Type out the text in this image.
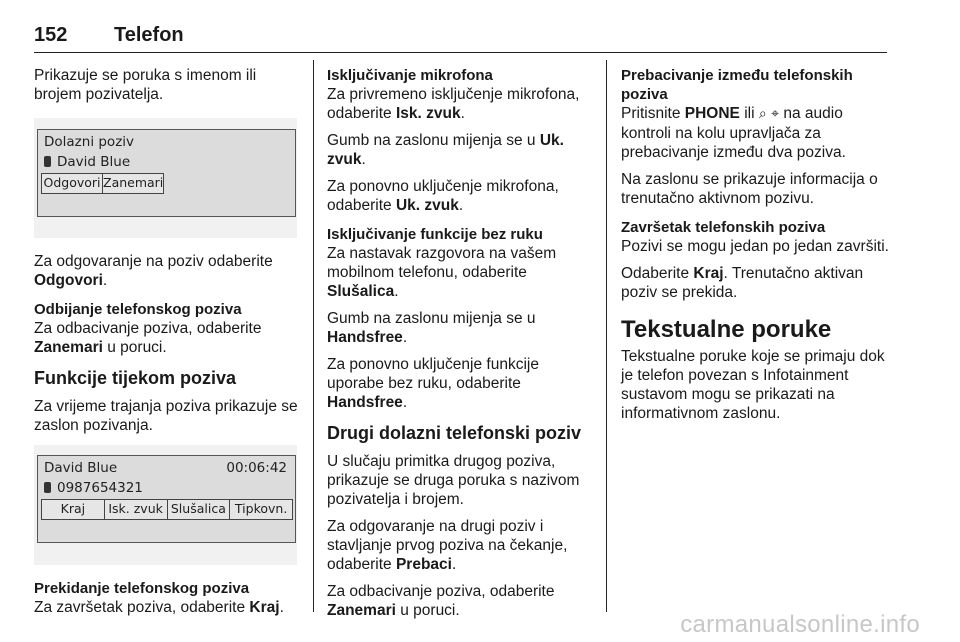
152 Telefon

Prikazuje se poruka s imenom ili brojem pozivatelja.

Dolazni poziv
David Blue
Odgovori Zanemari

Za odgovaranje na poziv odaberite Odgovori.

Odbijanje telefonskog poziva

Za odbacivanje poziva, odaberite Zanemari u poruci.

Funkcije tijekom poziva

Za vrijeme trajanja poziva prikazuje se zaslon pozivanja.

David Blue	00:06:42
0987654321
Kraj	Isk. zvuk Slušalica Tipkovn.
Prekidanje telefonskog poziva

Za završetak poziva, odaberite Kraj.

Isključivanje mikrofona

Za privremeno isključenje mikrofona, odaberite Isk. zvuk.

Gumb na zaslonu mijenja se u Uk. zvuk.

Za ponovno uključenje mikrofona, odaberite Uk. zvuk.

Isključivanje funkcije bez ruku

Za nastavak razgovora na vašem mobilnom telefonu, odaberite Slušalica.

Gumb na zaslonu mijenja se u Handsfree.

Za ponovno uključenje funkcije uporabe bez ruku, odaberite Handsfree.

Drugi dolazni telefonski poziv

U slučaju primitka drugog poziva, prikazuje se druga poruka s nazivom pozivatelja i brojem.

Za odgovaranje na drugi poziv i stavljanje prvog poziva na čekanje, odaberite Prebaci.

Za odbacivanje poziva, odaberite Zanemari u poruci.

Prebacivanje između telefonskih poziva

Pritisnite PHONE ili ⌕ ⌖ na audio kontroli na kolu upravljača za prebacivanje između dva poziva.

Na zaslonu se prikazuje informacija o trenutačno aktivnom pozivu.

Završetak telefonskih poziva

Pozivi se mogu jedan po jedan završiti.

Odaberite Kraj. Trenutačno aktivan poziv se prekida.

Tekstualne poruke

Tekstualne poruke koje se primaju dok je telefon povezan s Infotainment sustavom mogu se prikazati na informativnom zaslonu.

carmanualsonline.info
